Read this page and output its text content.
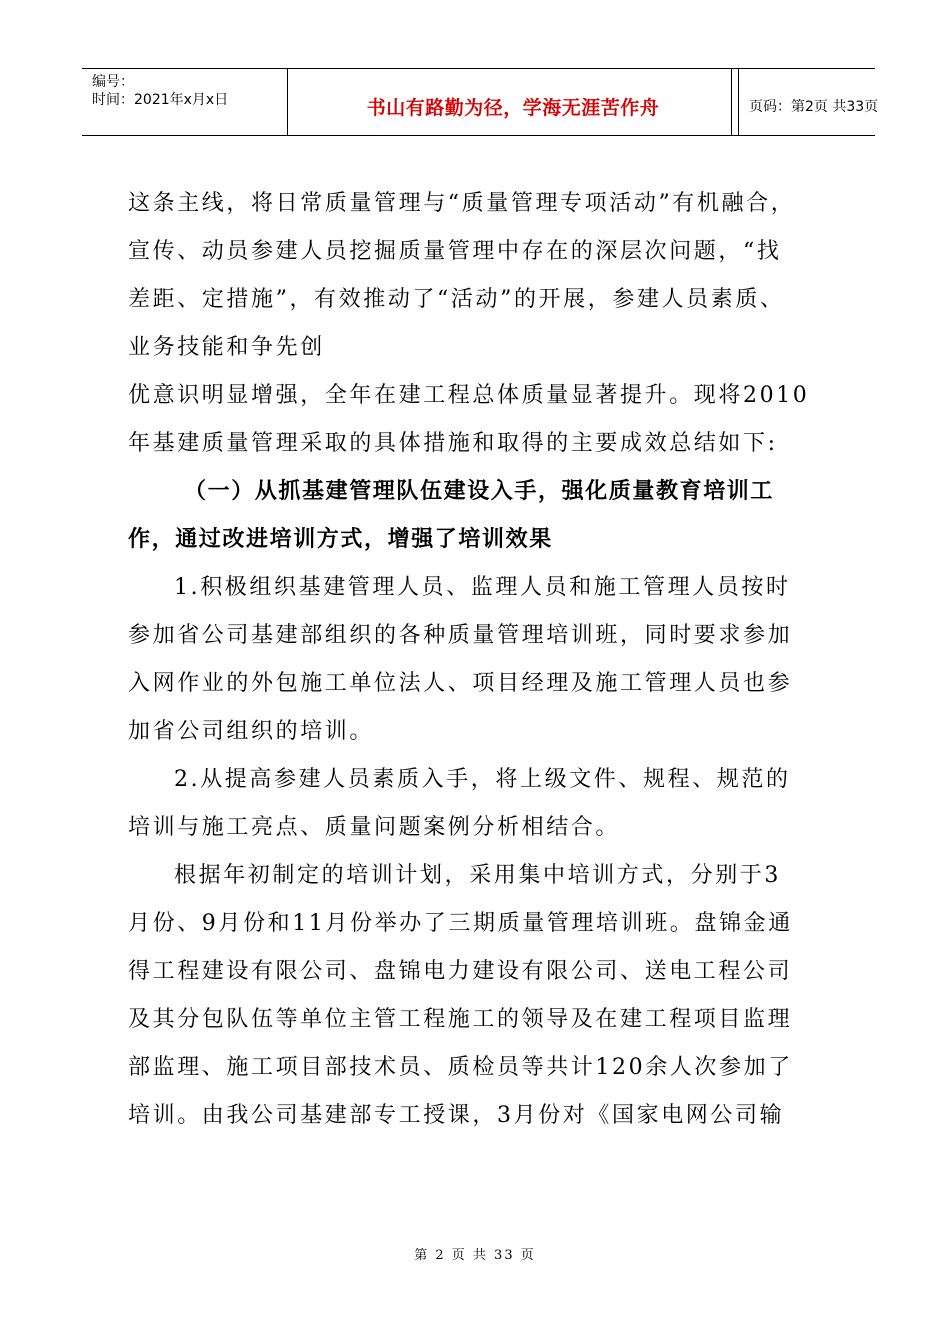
编号：
时间：2021年x月x日	书山有路勤为径，学海无涯苦作舟	页码：第2页 共33页
这条主线，将日常质量管理与“质量管理专项活动”有机融合，
宣传、动员参建人员挖掘质量管理中存在的深层次问题，“找
差距、定措施”，有效推动了“活动”的开展，参建人员素质、
业务技能和争先创
优意识明显增强，全年在建工程总体质量显著提升。现将2010
年基建质量管理采取的具体措施和取得的主要成效总结如下:
（一）从抓基建管理队伍建设入手，强化质量教育培训工
作，通过改进培训方式，增强了培训效果
1.积极组织基建管理人员、监理人员和施工管理人员按时
参加省公司基建部组织的各种质量管理培训班，同时要求参加
入网作业的外包施工单位法人、项目经理及施工管理人员也参
加省公司组织的培训。
2.从提高参建人员素质入手，将上级文件、规程、规范的
培训与施工亮点、质量问题案例分析相结合。
根据年初制定的培训计划，采用集中培训方式，分别于3
月份、9月份和11月份举办了三期质量管理培训班。盘锦金通
得工程建设有限公司、盘锦电力建设有限公司、送电工程公司
及其分包队伍等单位主管工程施工的领导及在建工程项目监理
部监理、施工项目部技术员、质检员等共计120余人次参加了
培训。由我公司基建部专工授课，3月份对《国家电网公司输
第 2 页 共 33 页
